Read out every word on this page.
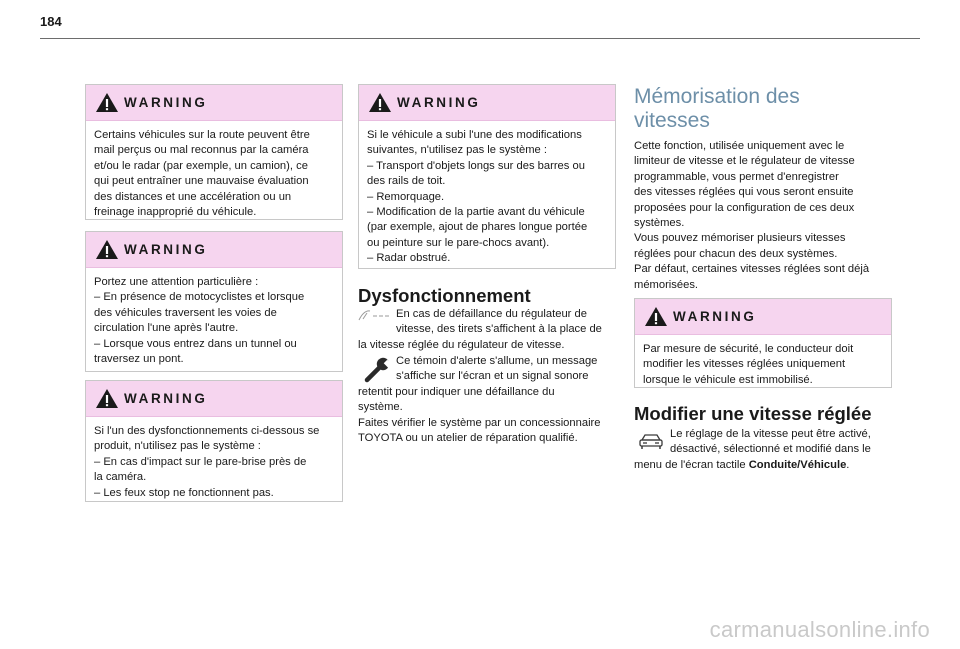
184
WARNING

Certains véhicules sur la route peuvent être

mail perçus ou mal reconnus par la caméra

et/ou le radar (par exemple, un camion), ce

qui peut entraîner une mauvaise évaluation

des distances et une accélération ou un

freinage inapproprié du véhicule.

WARNING

Portez une attention particulière :

– En présence de motocyclistes et lorsque

des véhicules traversent les voies de

circulation l'une après l'autre.

– Lorsque vous entrez dans un tunnel ou

traversez un pont.

WARNING

Si l'un des dysfonctionnements ci-dessous se

produit, n'utilisez pas le système :

– En cas d'impact sur le pare-brise près de

la caméra.

– Les feux stop ne fonctionnent pas.

WARNING

Si le véhicule a subi l'une des modifications

suivantes, n'utilisez pas le système :

– Transport d'objets longs sur des barres ou

des rails de toit.

– Remorquage.

– Modification de la partie avant du véhicule

(par exemple, ajout de phares longue portée

ou peinture sur le pare-chocs avant).

– Radar obstrué.

Dysfonctionnement

En cas de défaillance du régulateur de

vitesse, des tirets s'affichent à la place de

la vitesse réglée du régulateur de vitesse.

Ce témoin d'alerte s'allume, un message

s'affiche sur l'écran et un signal sonore

retentit pour indiquer une défaillance du

système.

Faites vérifier le système par un concessionnaire

TOYOTA ou un atelier de réparation qualifié.

Mémorisation des
vitesses

Cette fonction, utilisée uniquement avec le

limiteur de vitesse et le régulateur de vitesse

programmable, vous permet d'enregistrer

des vitesses réglées qui vous seront ensuite

proposées pour la configuration de ces deux

systèmes.

Vous pouvez mémoriser plusieurs vitesses

réglées pour chacun des deux systèmes.

Par défaut, certaines vitesses réglées sont déjà

mémorisées.

WARNING

Par mesure de sécurité, le conducteur doit

modifier les vitesses réglées uniquement

lorsque le véhicule est immobilisé.

Modifier une vitesse réglée

Le réglage de la vitesse peut être activé,

désactivé, sélectionné et modifié dans le

menu de l'écran tactile Conduite/Véhicule.

carmanualsonline.info
